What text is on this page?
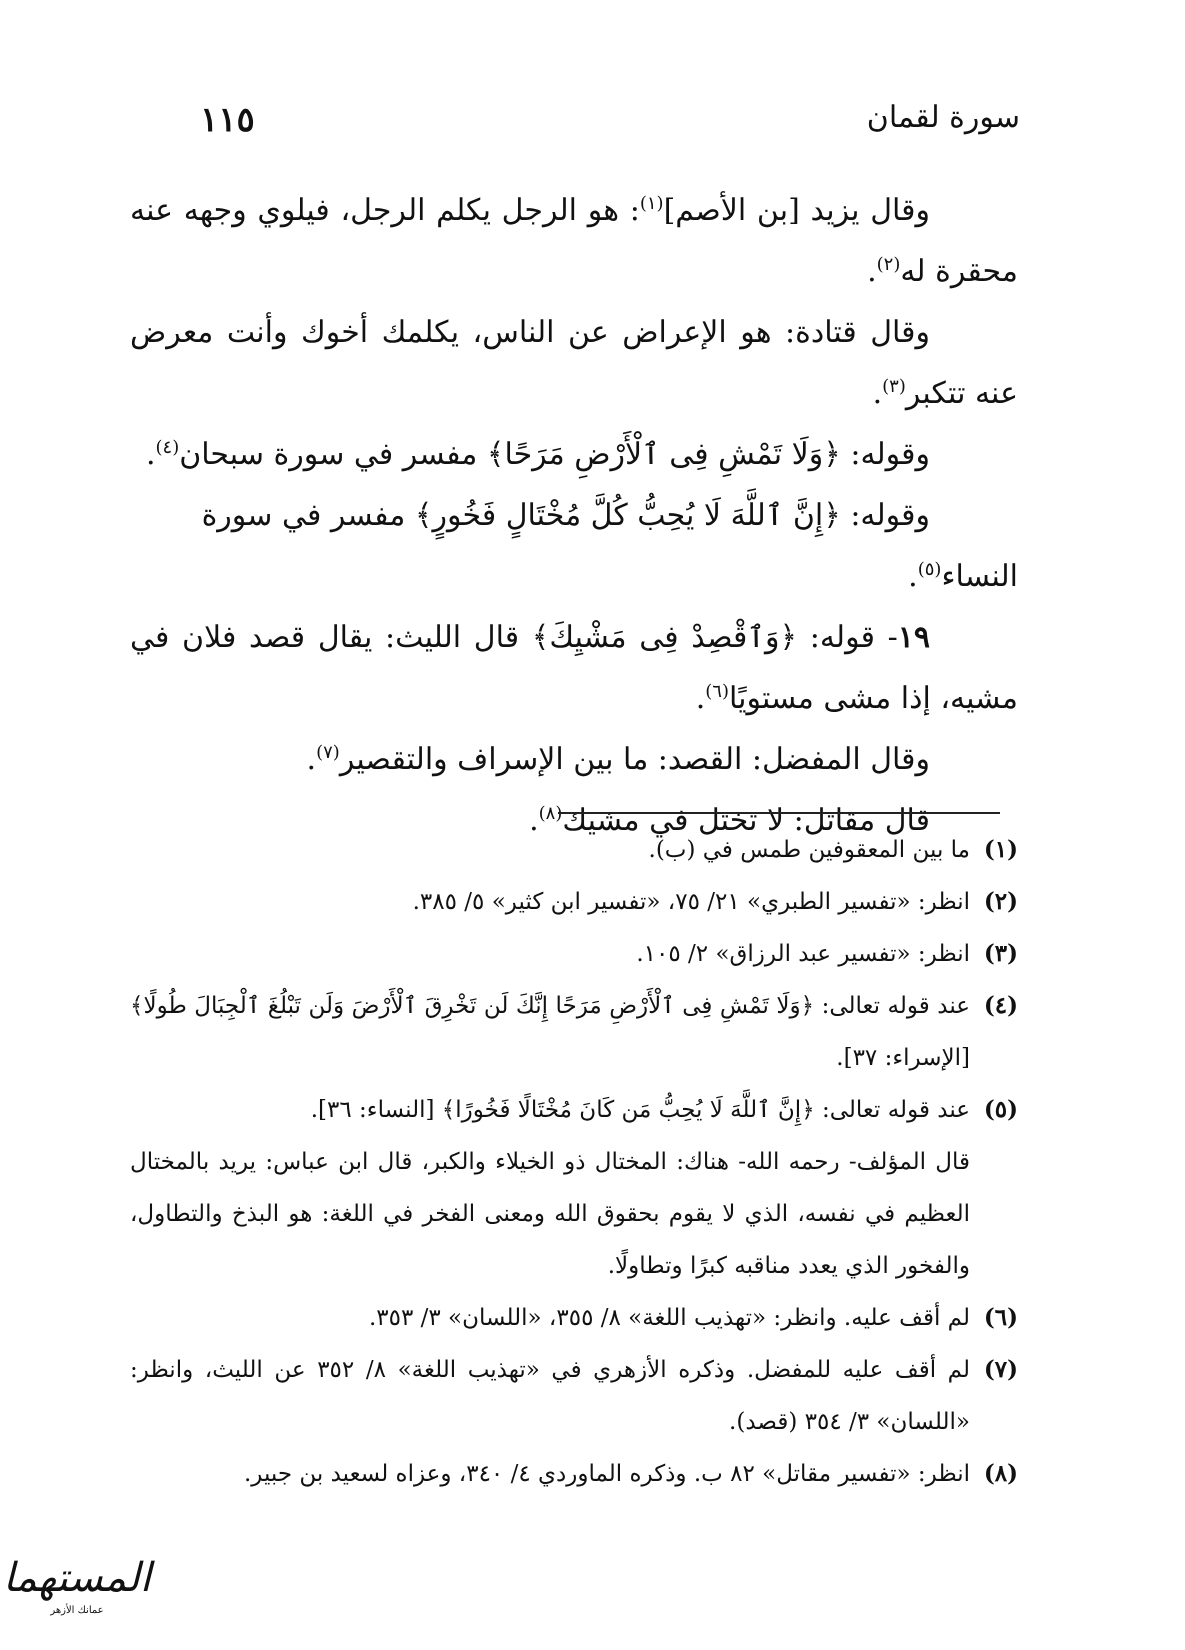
سورة لقمان
١١٥

وقال يزيد [بن الأصم]$^{(١)}$: هو الرجل يكلم الرجل، فيلوي وجهه عنه محقرة له$^{(٢)}$.

وقال قتادة: هو الإعراض عن الناس، يكلمك أخوك وأنت معرض عنه تتكبر$^{(٣)}$.

وقوله: ﴿وَلَا تَمْشِ فِى ٱلْأَرْضِ مَرَحًا﴾ مفسر في سورة سبحان$^{(٤)}$.

وقوله: ﴿إِنَّ ٱللَّهَ لَا يُحِبُّ كُلَّ مُخْتَالٍ فَخُورٍ﴾ مفسر في سورة النساء$^{(٥)}$.

١٩- قوله: ﴿وَٱقْصِدْ فِى مَشْيِكَ﴾ قال الليث: يقال قصد فلان في مشيه، إذا مشى مستويًا$^{(٦)}$.

وقال المفضل: القصد: ما بين الإسراف والتقصير$^{(٧)}$.

قال مقاتل: لا تختل في مشيك$^{(٨)}$.

(١)
ما بين المعقوفين طمس في (ب).
(٢)
انظر: «تفسير الطبري» ٢١/ ٧٥، «تفسير ابن كثير» ٥/ ٣٨٥.
(٣)
انظر: «تفسير عبد الرزاق» ٢/ ١٠٥.
(٤)
عند قوله تعالى: ﴿وَلَا تَمْشِ فِى ٱلْأَرْضِ مَرَحًا إِنَّكَ لَن تَخْرِقَ ٱلْأَرْضَ وَلَن تَبْلُغَ ٱلْجِبَالَ طُولًا﴾ [الإسراء: ٣٧].
(٥)
عند قوله تعالى: ﴿إِنَّ ٱللَّهَ لَا يُحِبُّ مَن كَانَ مُخْتَالًا فَخُورًا﴾ [النساء: ٣٦].
قال المؤلف- رحمه الله- هناك: المختال ذو الخيلاء والكبر، قال ابن عباس: يريد بالمختال العظيم في نفسه، الذي لا يقوم بحقوق الله ومعنى الفخر في اللغة: هو البذخ والتطاول، والفخور الذي يعدد مناقبه كبرًا وتطاولًا.
(٦)
لم أقف عليه. وانظر: «تهذيب اللغة» ٨/ ٣٥٥، «اللسان» ٣/ ٣٥٣.
(٧)
لم أقف عليه للمفضل. وذكره الأزهري في «تهذيب اللغة» ٨/ ٣٥٢ عن الليث، وانظر: «اللسان» ٣/ ٣٥٤ (قصد).
(٨)
انظر: «تفسير مقاتل» ٨٢ ب. وذكره الماوردي ٤/ ٣٤٠، وعزاه لسعيد بن جبير.
المستهما
عمانك الأزهر
